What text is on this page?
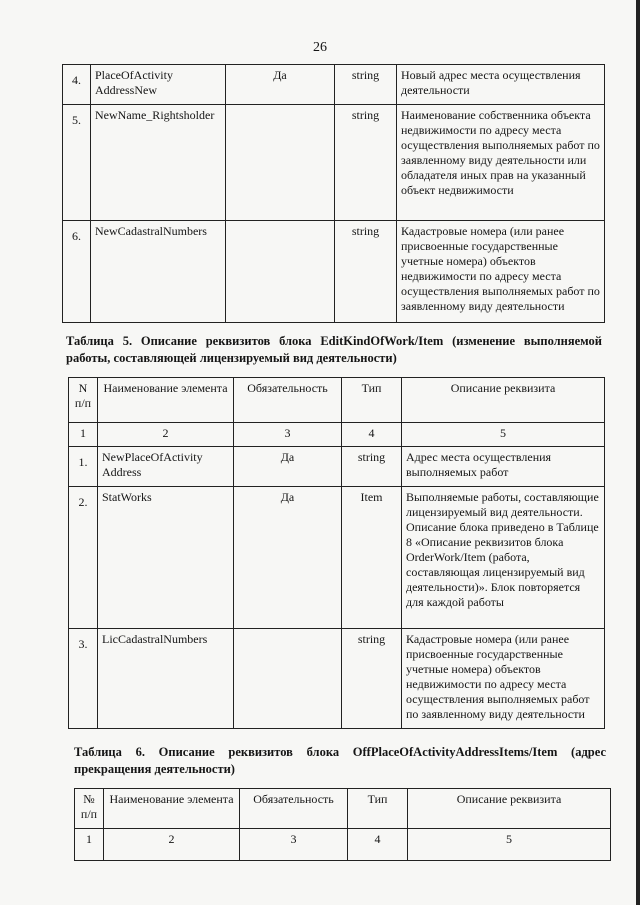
26
4.	PlaceOfActivity AddressNew	Да	string	Новый адрес места осуществления деятельности
5.	NewName_Rightsholder		string	Наименование собственника объекта недвижимости по адресу места осуществления выполняемых работ по заявленному виду деятельности или обладателя иных прав на указанный объект недвижимости
6.	NewCadastralNumbers		string	Кадастровые номера (или ранее присвоенные государственные учетные номера) объектов недвижимости по адресу места осуществления выполняемых работ по заявленному виду деятельности
Таблица 5. Описание реквизитов блока EditKindOfWork/Item (изменение выполняемой
работы, составляющей лицензируемый вид деятельности)
N п/п	Наименование элемента	Обязательность	Тип	Описание реквизита
1	2	3	4	5
1.	NewPlaceOfActivity Address	Да	string	Адрес места осуществления выполняемых работ
2.	StatWorks	Да	Item	Выполняемые работы, составляющие лицензируемый вид деятельности. Описание блока приведено в Таблице 8 «Описание реквизитов блока OrderWork/Item (работа, составляющая лицензируемый вид деятельности)». Блок повторяется для каждой работы
3.	LicCadastralNumbers		string	Кадастровые номера (или ранее присвоенные государственные учетные номера) объектов недвижимости по адресу места осуществления выполняемых работ по заявленному виду деятельности
Таблица 6. Описание реквизитов блока OffPlaceOfActivityAddressItems/Item (адрес
прекращения деятельности)
№ п/п	Наименование элемента	Обязательность	Тип	Описание реквизита
1	2	3	4	5
